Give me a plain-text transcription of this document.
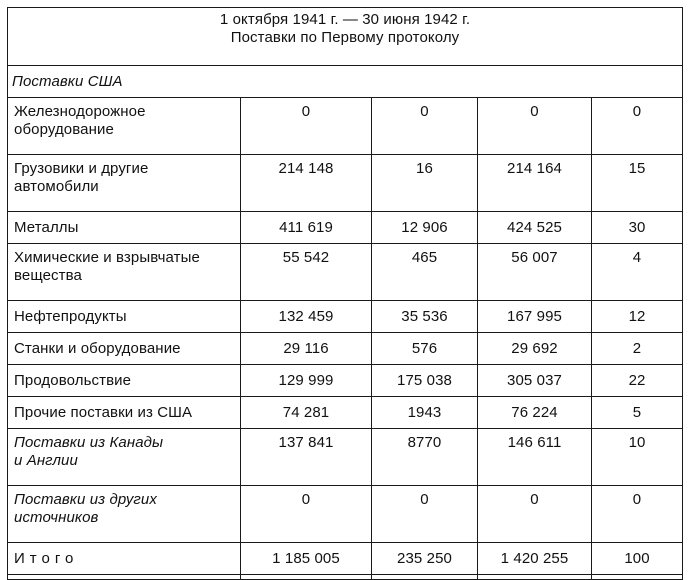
1 октября 1941 г. — 30 июня 1942 г.
Поставки по Первому протоколу				

Поставки США				

Железнодорожное
оборудование	0	0	0	0

Грузовики и другие
автомобили	214 148	16	214 164	15
Металлы	411 619	12 906	424 525	30

Химические и взрывчатые
вещества	55 542	465	56 007	4
Нефтепродукты	132 459	35 536	167 995	12
Станки и оборудование	29 116	576	29 692	2
Продовольствие	129 999	175 038	305 037	22
Прочие поставки из США	74 281	1943	76 224	5

Поставки из Канады
и Англии	137 841	8770	146 611	10

Поставки из других
источников	0	0	0	0
Итого	1 185 005	235 250	1 420 255	100
